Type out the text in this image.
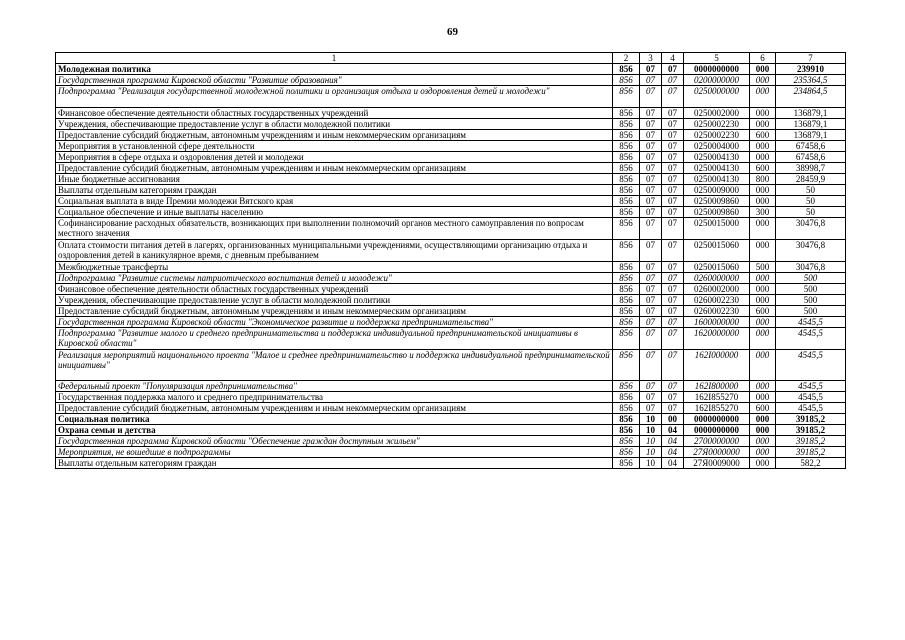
69
1	2	3	4	5	6	7
Молодежная политика	856	07	07	0000000000	000	239910
Государственная программа Кировской области "Развитие образования"	856	07	07	0200000000	000	235364,5
Подпрограмма "Реализация государственной молодежной политики и организация отдыха и оздоровления детей и молодежи"	856	07	07	0250000000	000	234864,5
Финансовое обеспечение деятельности областных государственных учреждений	856	07	07	0250002000	000	136879,1
Учреждения, обеспечивающие предоставление услуг в области молодежной политики	856	07	07	0250002230	000	136879,1
Предоставление субсидий бюджетным, автономным учреждениям и иным некоммерческим организациям	856	07	07	0250002230	600	136879,1
Мероприятия в установленной сфере деятельности	856	07	07	0250004000	000	67458,6
Мероприятия в сфере отдыха и оздоровления детей и молодежи	856	07	07	0250004130	000	67458,6
Предоставление субсидий бюджетным, автономным учреждениям и иным некоммерческим организациям	856	07	07	0250004130	600	38998,7
Иные бюджетные ассигнования	856	07	07	0250004130	800	28459,9
Выплаты отдельным категориям граждан	856	07	07	0250009000	000	50
Социальная выплата в виде Премии молодежи Вятского края	856	07	07	0250009860	000	50
Социальное обеспечение и иные выплаты населению	856	07	07	0250009860	300	50
Софинансирование расходных обязательств, возникающих при выполнении полномочий органов местного самоуправления по вопросам местного значения	856	07	07	0250015000	000	30476,8
Оплата стоимости питания детей в лагерях, организованных муниципальными учреждениями, осуществляющими организацию отдыха и оздоровления детей в каникулярное время, с дневным пребыванием	856	07	07	0250015060	000	30476,8
Межбюджетные трансферты	856	07	07	0250015060	500	30476,8
Подпрограмма "Развитие системы патриотического воспитания детей и молодежи"	856	07	07	0260000000	000	500
Финансовое обеспечение деятельности областных государственных учреждений	856	07	07	0260002000	000	500
Учреждения, обеспечивающие предоставление услуг в области молодежной политики	856	07	07	0260002230	000	500
Предоставление субсидий бюджетным, автономным учреждениям и иным некоммерческим организациям	856	07	07	0260002230	600	500
Государственная программа Кировской области "Экономическое развитие и поддержка предпринимательства"	856	07	07	1600000000	000	4545,5
Подпрограмма "Развитие малого и среднего предпринимательства и поддержка индивидуальной предпринимательской инициативы в Кировской области"	856	07	07	1620000000	000	4545,5
Реализация мероприятий национального проекта "Малое и среднее предпринимательство и поддержка индивидуальной предпринимательской инициативы"	856	07	07	162I000000	000	4545,5
Федеральный проект "Популяризация предпринимательства"	856	07	07	162I800000	000	4545,5
Государственная поддержка малого и среднего предпринимательства	856	07	07	162I855270	000	4545,5
Предоставление субсидий бюджетным, автономным учреждениям и иным некоммерческим организациям	856	07	07	162I855270	600	4545,5
Социальная политика	856	10	00	0000000000	000	39185,2
Охрана семьи и детства	856	10	04	0000000000	000	39185,2
Государственная программа Кировской области "Обеспечение граждан доступным жильем"	856	10	04	2700000000	000	39185,2
Мероприятия, не вошедшие в подпрограммы	856	10	04	27Я0000000	000	39185,2
Выплаты отдельным категориям граждан	856	10	04	27Я0009000	000	582,2
